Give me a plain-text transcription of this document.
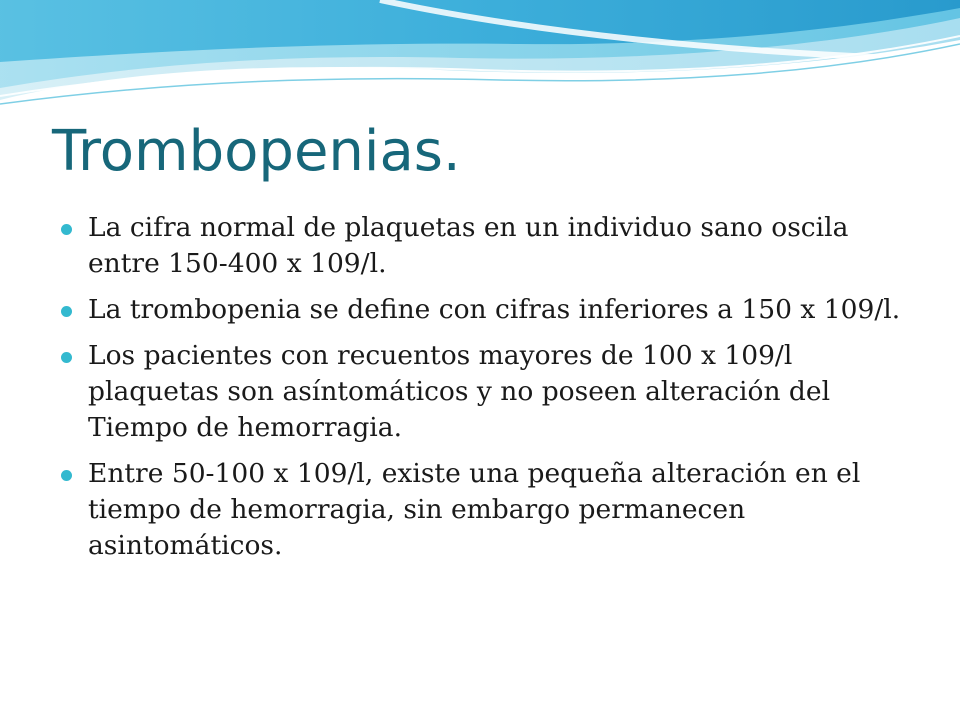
Trombopenias.
La cifra normal de plaquetas en un individuo sano oscila entre 150-400 x 109/l.
La trombopenia se define con cifras inferiores a 150 x 109/l.
Los pacientes con recuentos mayores de 100 x 109/l plaquetas son asíntomáticos y no poseen alteración del Tiempo de hemorragia.
Entre 50-100 x 109/l, existe una pequeña alteración en el tiempo de hemorragia, sin embargo permanecen asintomáticos.
